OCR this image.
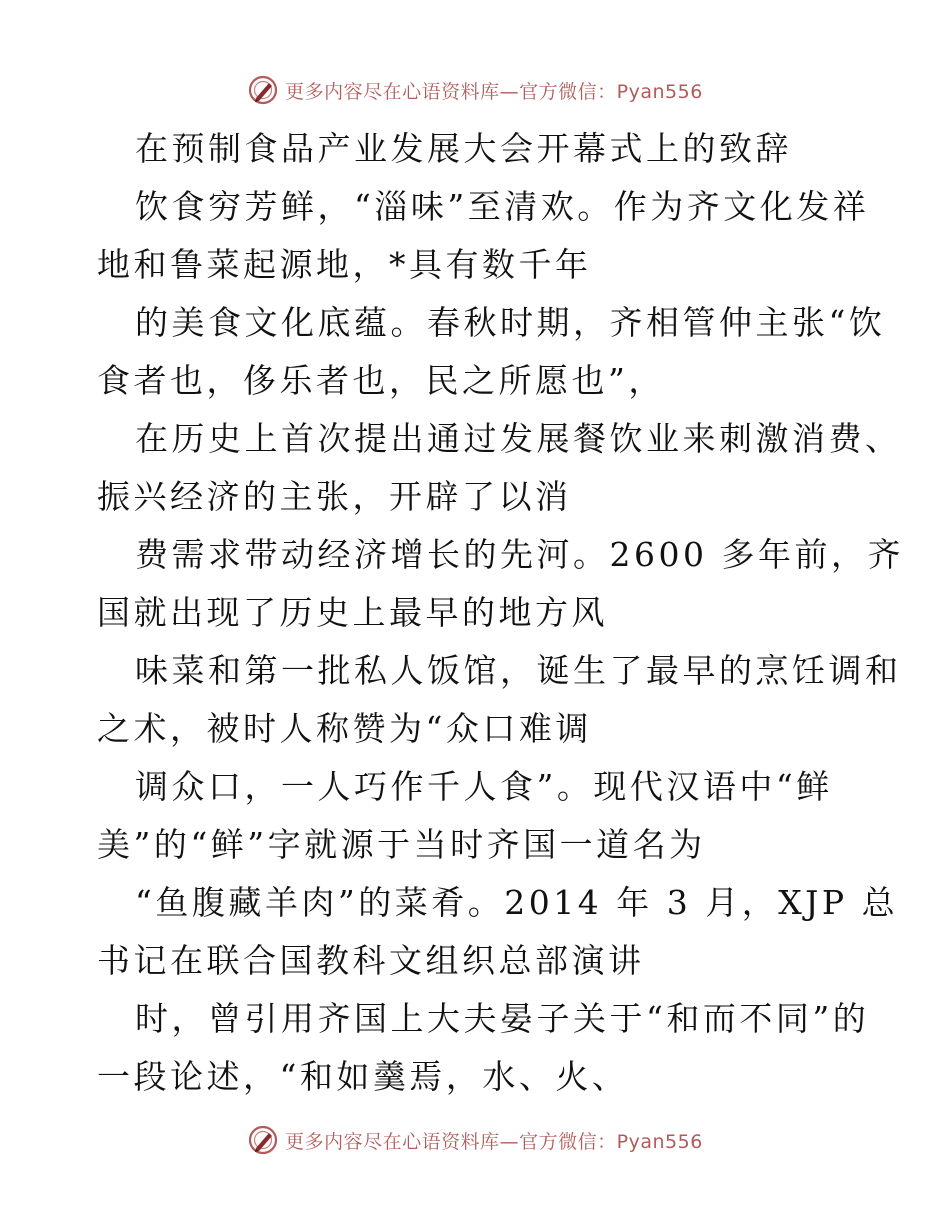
更多内容尽在心语资料库—官方微信：Pyan556
在预制食品产业发展大会开幕式上的致辞
饮食穷芳鲜，“淄味”至清欢。作为齐文化发祥
地和鲁菜起源地，*具有数千年
的美食文化底蕴。春秋时期，齐相管仲主张“饮
食者也，侈乐者也，民之所愿也”，
在历史上首次提出通过发展餐饮业来刺激消费、
振兴经济的主张，开辟了以消
费需求带动经济增长的先河。2600 多年前，齐
国就出现了历史上最早的地方风
味菜和第一批私人饭馆，诞生了最早的烹饪调和
之术，被时人称赞为“众口难调
调众口，一人巧作千人食”。现代汉语中“鲜
美”的“鲜”字就源于当时齐国一道名为
“鱼腹藏羊肉”的菜肴。2014 年 3 月，XJP 总
书记在联合国教科文组织总部演讲
时，曾引用齐国上大夫晏子关于“和而不同”的
一段论述，“和如羹焉，水、火、
更多内容尽在心语资料库—官方微信：Pyan556
